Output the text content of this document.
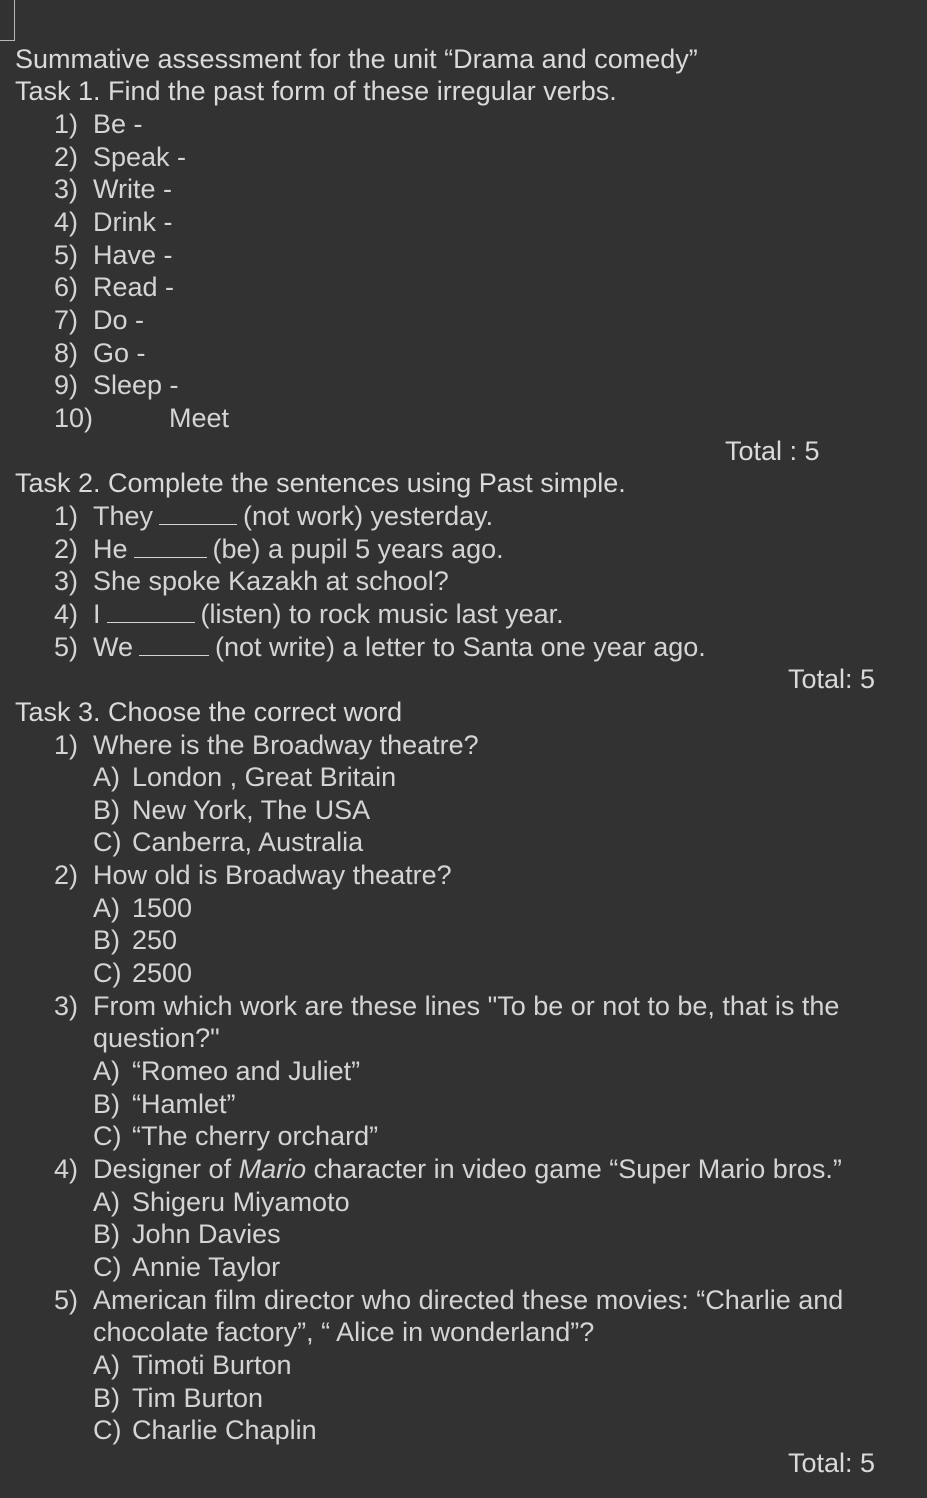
Summative assessment for the unit “Drama and comedy”
Task 1. Find the past form of these irregular verbs.
1) Be -
2) Speak -
3) Write -
4) Drink -
5) Have -
6) Read -
7) Do -
8) Go -
9) Sleep -
10)	Meet
Total : 5
Task 2. Complete the sentences using Past simple.
1) They	(not work) yesterday.
2) He	(be) a pupil 5 years ago.
3) She spoke Kazakh at school?
4) I	(listen) to rock music last year.
5) We	(not write) a letter to Santa one year ago.
Total: 5
Task 3. Choose the correct word
1) Where is the Broadway theatre?
A) London , Great Britain
B) New York, The USA
C) Canberra, Australia
2) How old is Broadway theatre?
A) 1500
B) 250
C) 2500
3) From which work are these lines "To be or not to be, that is the
question?"
A) “Romeo and Juliet”
B) “Hamlet”
C) “The cherry orchard”
4) Designer of Mario character in video game “Super Mario bros.”
A) Shigeru Miyamoto
B) John Davies
C) Annie Taylor
5) American film director who directed these movies: “Charlie and
chocolate factory”, “ Alice in wonderland”?
A) Timoti Burton
B) Tim Burton
C) Charlie Chaplin
Total: 5
